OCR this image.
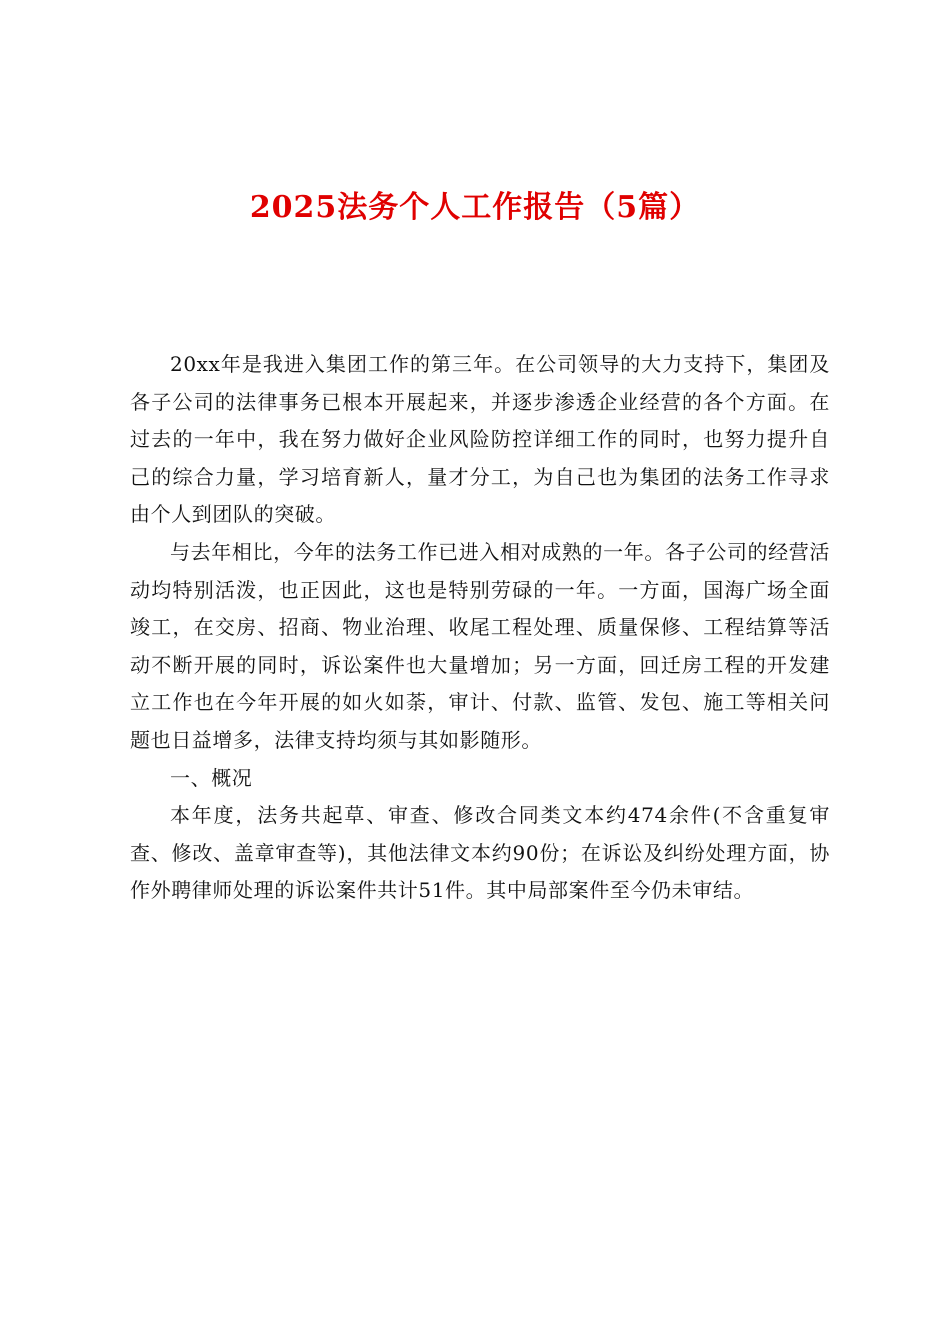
2025法务个人工作报告（5篇）

20xx年是我进入集团工作的第三年。在公司领导的大力支持下，集团及各子公司的法律事务已根本开展起来，并逐步渗透企业经营的各个方面。在过去的一年中，我在努力做好企业风险防控详细工作的同时，也努力提升自己的综合力量，学习培育新人，量才分工，为自己也为集团的法务工作寻求由个人到团队的突破。

与去年相比，今年的法务工作已进入相对成熟的一年。各子公司的经营活动均特别活泼，也正因此，这也是特别劳碌的一年。一方面，国海广场全面竣工，在交房、招商、物业治理、收尾工程处理、质量保修、工程结算等活动不断开展的同时，诉讼案件也大量增加；另一方面，回迁房工程的开发建立工作也在今年开展的如火如荼，审计、付款、监管、发包、施工等相关问题也日益增多，法律支持均须与其如影随形。

一、概况

本年度，法务共起草、审查、修改合同类文本约474余件(不含重复审查、修改、盖章审查等)，其他法律文本约90份；在诉讼及纠纷处理方面，协作外聘律师处理的诉讼案件共计51件。其中局部案件至今仍未审结。
